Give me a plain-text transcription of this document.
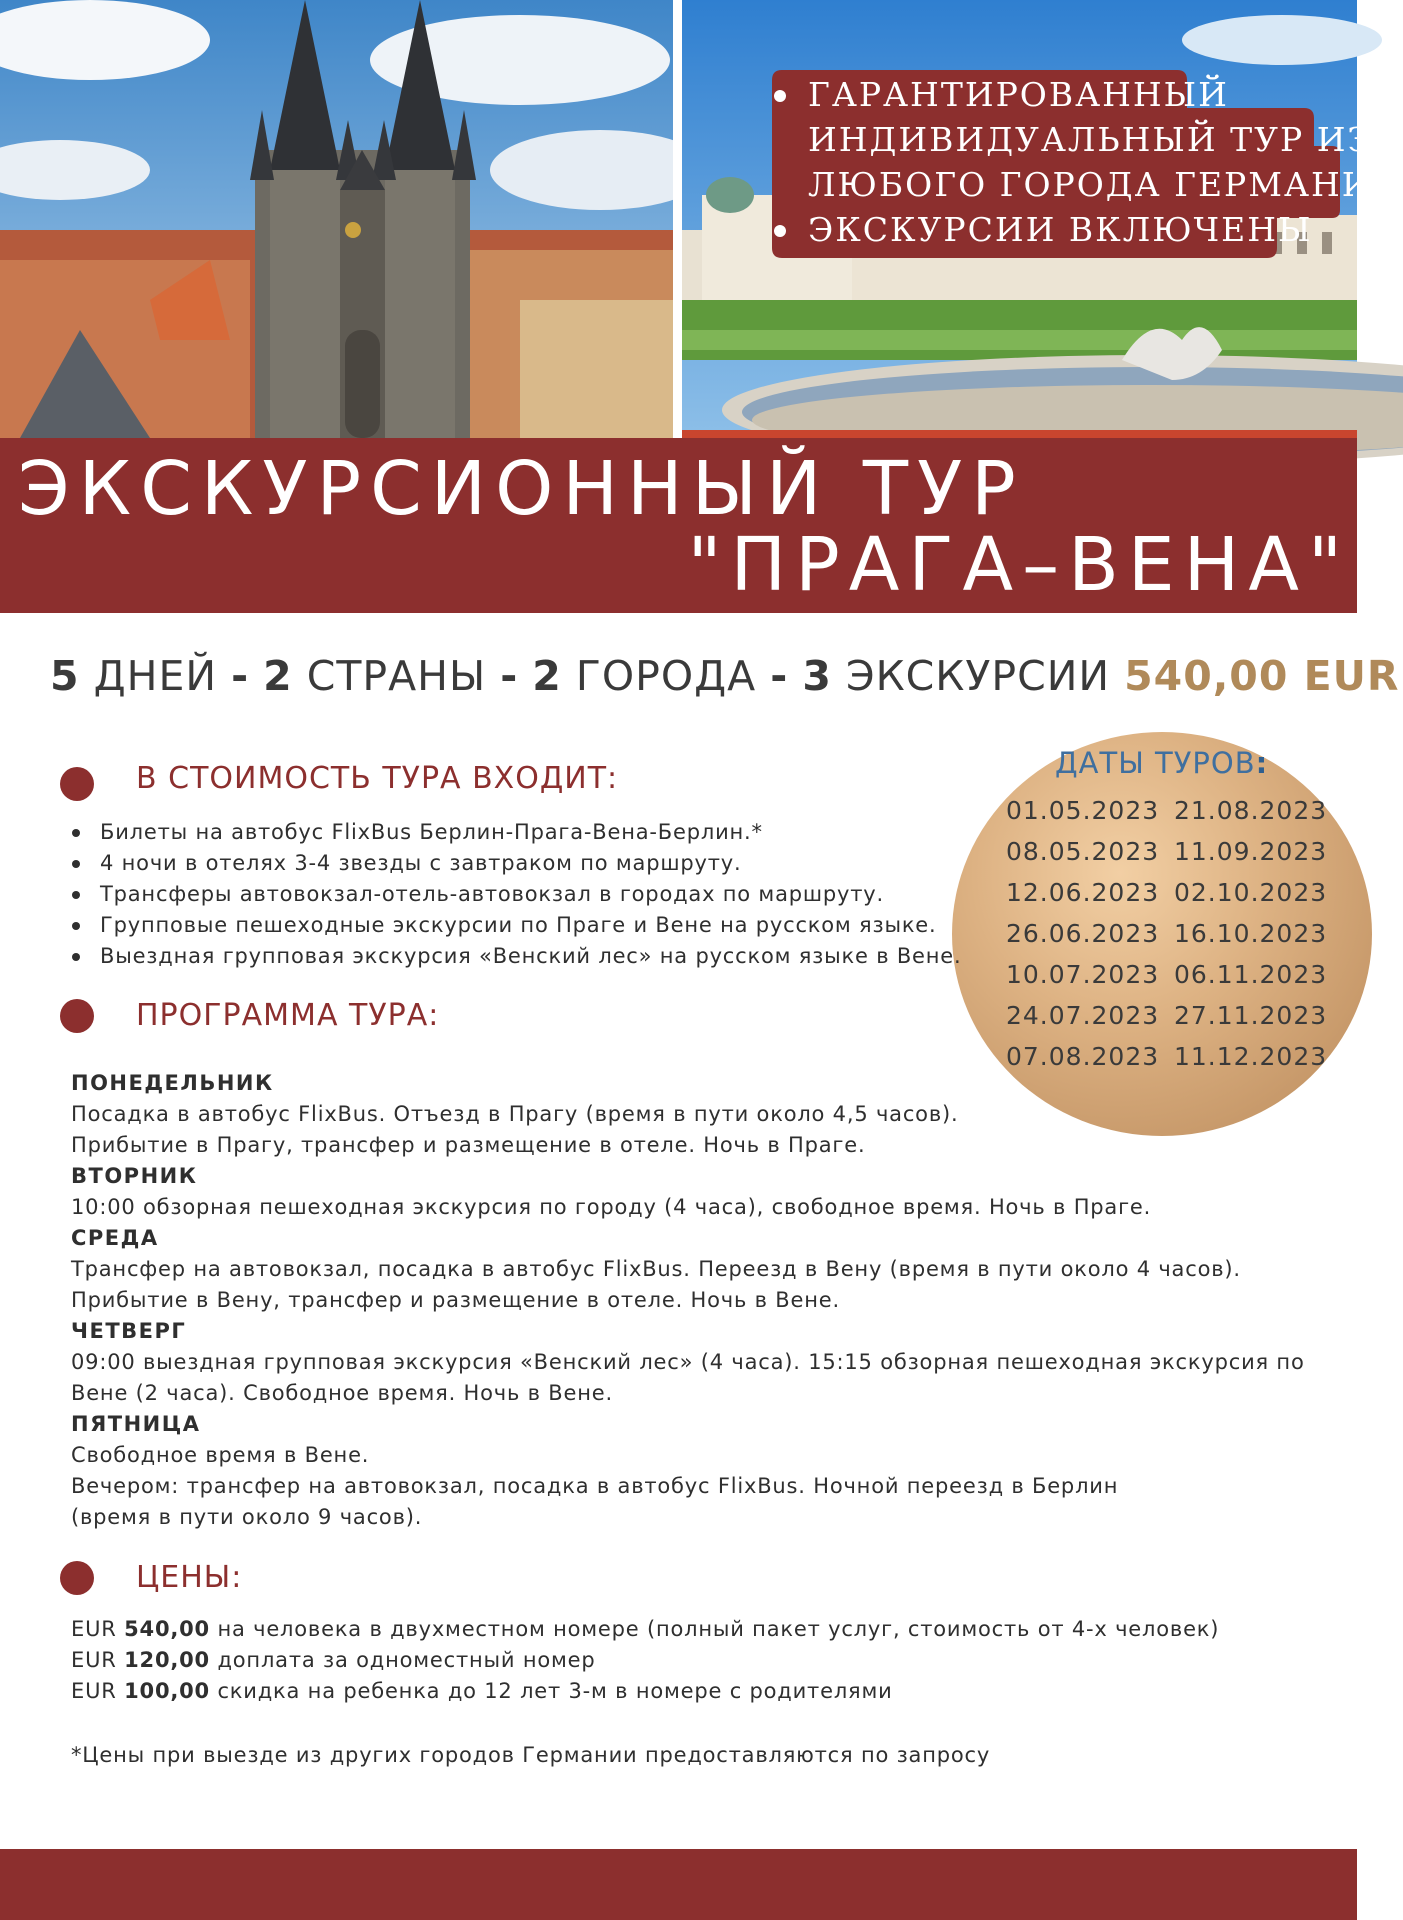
ГАРАНТИРОВАННЫЙ
ИНДИВИДУАЛЬНЫЙ ТУР ИЗ
ЛЮБОГО ГОРОДА ГЕРМАНИИ
ЭКСКУРСИИ ВКЛЮЧЕНЫ
ЭКСКУРСИОННЫЙ ТУР
"ПРАГА–ВЕНА"
5 ДНЕЙ - 2 СТРАНЫ - 2 ГОРОДА - 3 ЭКСКУРСИИ 540,00 EUR
ДАТЫ ТУРОВ:
01.05.2023 21.08.2023
08.05.2023 11.09.2023
12.06.2023 02.10.2023
26.06.2023 16.10.2023
10.07.2023 06.11.2023
24.07.2023 27.11.2023
07.08.2023 11.12.2023
В СТОИМОСТЬ ТУРА ВХОДИТ:
Билеты на автобус FlixBus Берлин-Прага-Вена-Берлин.*
4 ночи в отелях 3-4 звезды с завтраком по маршруту.
Трансферы автовокзал-отель-автовокзал в городах по маршруту.
Групповые пешеходные экскурсии по Праге и Вене на русском языке.
Выездная групповая экскурсия «Венский лес» на русском языке в Вене.
ПРОГРАММА ТУРА:

ПОНЕДЕЛЬНИК

Посадка в автобус FlixBus. Отъезд в Прагу (время в пути около 4,5 часов).

Прибытие в Прагу, трансфер и размещение в отеле. Ночь в Праге.

ВТОРНИК

10:00 обзорная пешеходная экскурсия по городу (4 часа), свободное время. Ночь в Праге.

СРЕДА

Трансфер на автовокзал, посадка в автобус FlixBus. Переезд в Вену (время в пути около 4 часов).

Прибытие в Вену, трансфер и размещение в отеле. Ночь в Вене.

ЧЕТВЕРГ

09:00 выездная групповая экскурсия «Венский лес» (4 часа). 15:15 обзорная пешеходная экскурсия по

Вене (2 часа). Свободное время. Ночь в Вене.

ПЯТНИЦА

Свободное время в Вене.

Вечером: трансфер на автовокзал, посадка в автобус FlixBus. Ночной переезд в Берлин

(время в пути около 9 часов).

ЦЕНЫ:

EUR 540,00 на человека в двухместном номере (полный пакет услуг, стоимость от 4-х человек)

EUR 120,00 доплата за одноместный номер

EUR 100,00 скидка на ребенка до 12 лет 3-м в номере с родителями

*Цены при выезде из других городов Германии предоставляются по запросу
